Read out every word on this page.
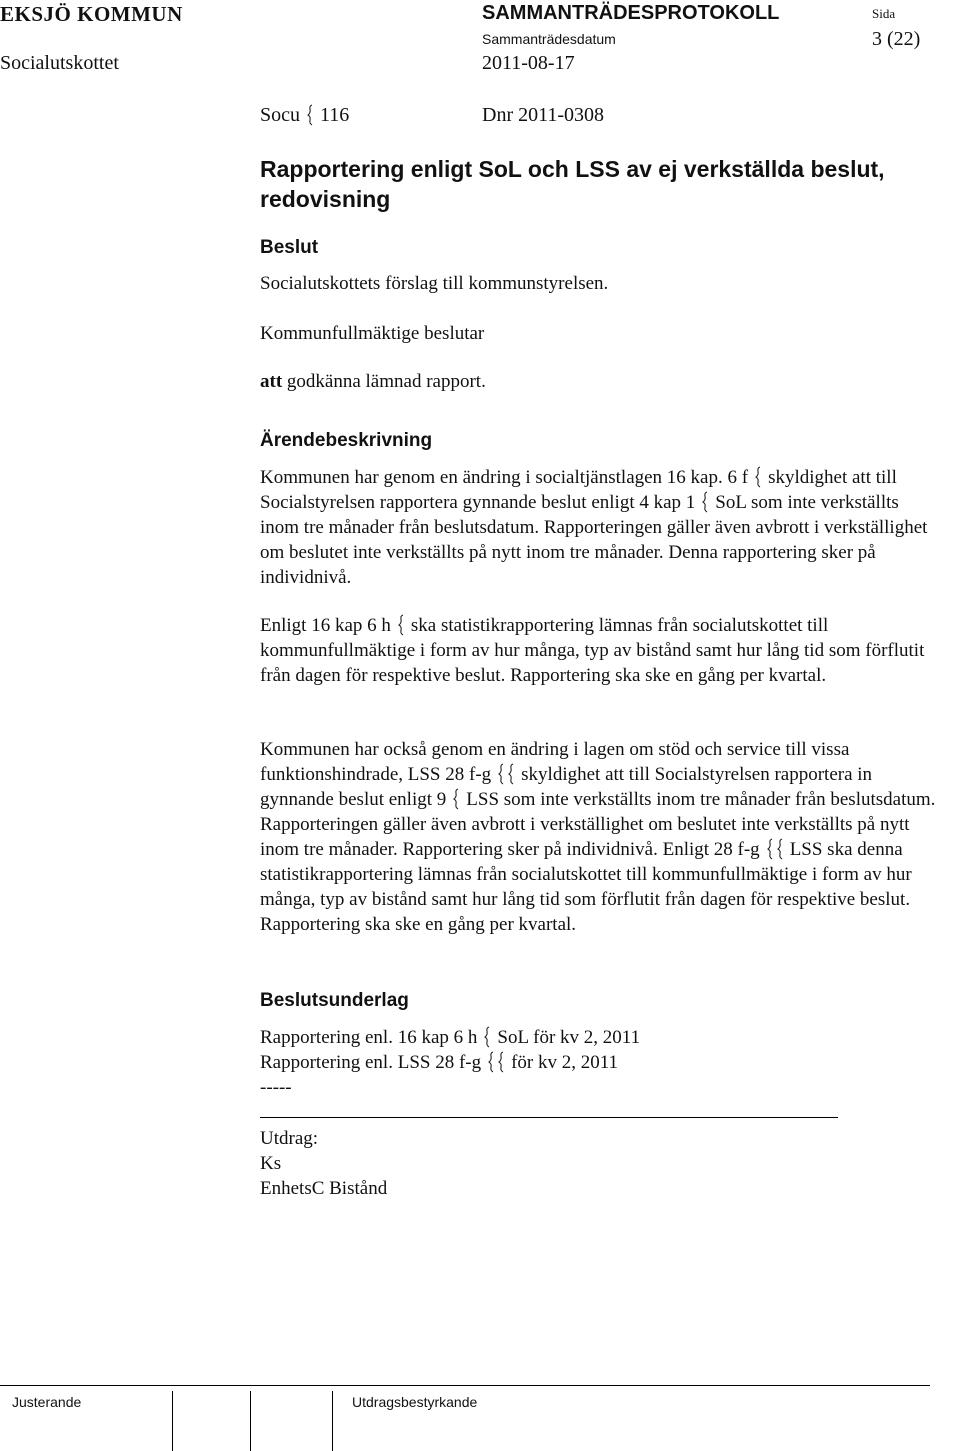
EKSJÖ KOMMUN	SAMMANTRÄDESPROTOKOLL	Sida
Socialutskottet
Sammanträdesdatum
2011-08-17
3 (22)
Socu 116	Dnr 2011-0308
Rapportering enligt SoL och LSS av ej verkställda beslut, redovisning
Beslut
Socialutskottets förslag till kommunstyrelsen.
Kommunfullmäktige beslutar
att godkänna lämnad rapport.
Ärendebeskrivning
Kommunen har genom en ändring i socialtjänstlagen 16 kap. 6 f skyldighet att till Socialstyrelsen rapportera gynnande beslut enligt 4 kap 1 SoL som inte verkställts inom tre månader från beslutsdatum. Rapporteringen gäller även avbrott i verkställighet om beslutet inte verkställts på nytt inom tre månader. Denna rapportering sker på individnivå.
Enligt 16 kap 6 h ska statistikrapportering lämnas från socialutskottet till kommunfullmäktige i form av hur många, typ av bistånd samt hur lång tid som förflutit från dagen för respektive beslut. Rapportering ska ske en gång per kvartal.
Kommunen har också genom en ändring i lagen om stöd och service till vissa funktionshindrade, LSS 28 f-g skyldighet att till Socialstyrelsen rapportera in gynnande beslut enligt 9 LSS som inte verkställts inom tre månader från beslutsdatum. Rapporteringen gäller även avbrott i verkställighet om beslutet inte verkställts på nytt inom tre månader. Rapportering sker på individnivå. Enligt 28 f-g LSS ska denna statistikrapportering lämnas från socialutskottet till kommunfullmäktige i form av hur många, typ av bistånd samt hur lång tid som förflutit från dagen för respektive beslut. Rapportering ska ske en gång per kvartal.
Beslutsunderlag
Rapportering enl. 16 kap 6 h SoL för kv 2, 2011
Rapportering enl. LSS 28 f-g för kv 2, 2011
-----
Utdrag:
Ks
EnhetsC Bistånd
Justerande	Utdragsbestyrkande
